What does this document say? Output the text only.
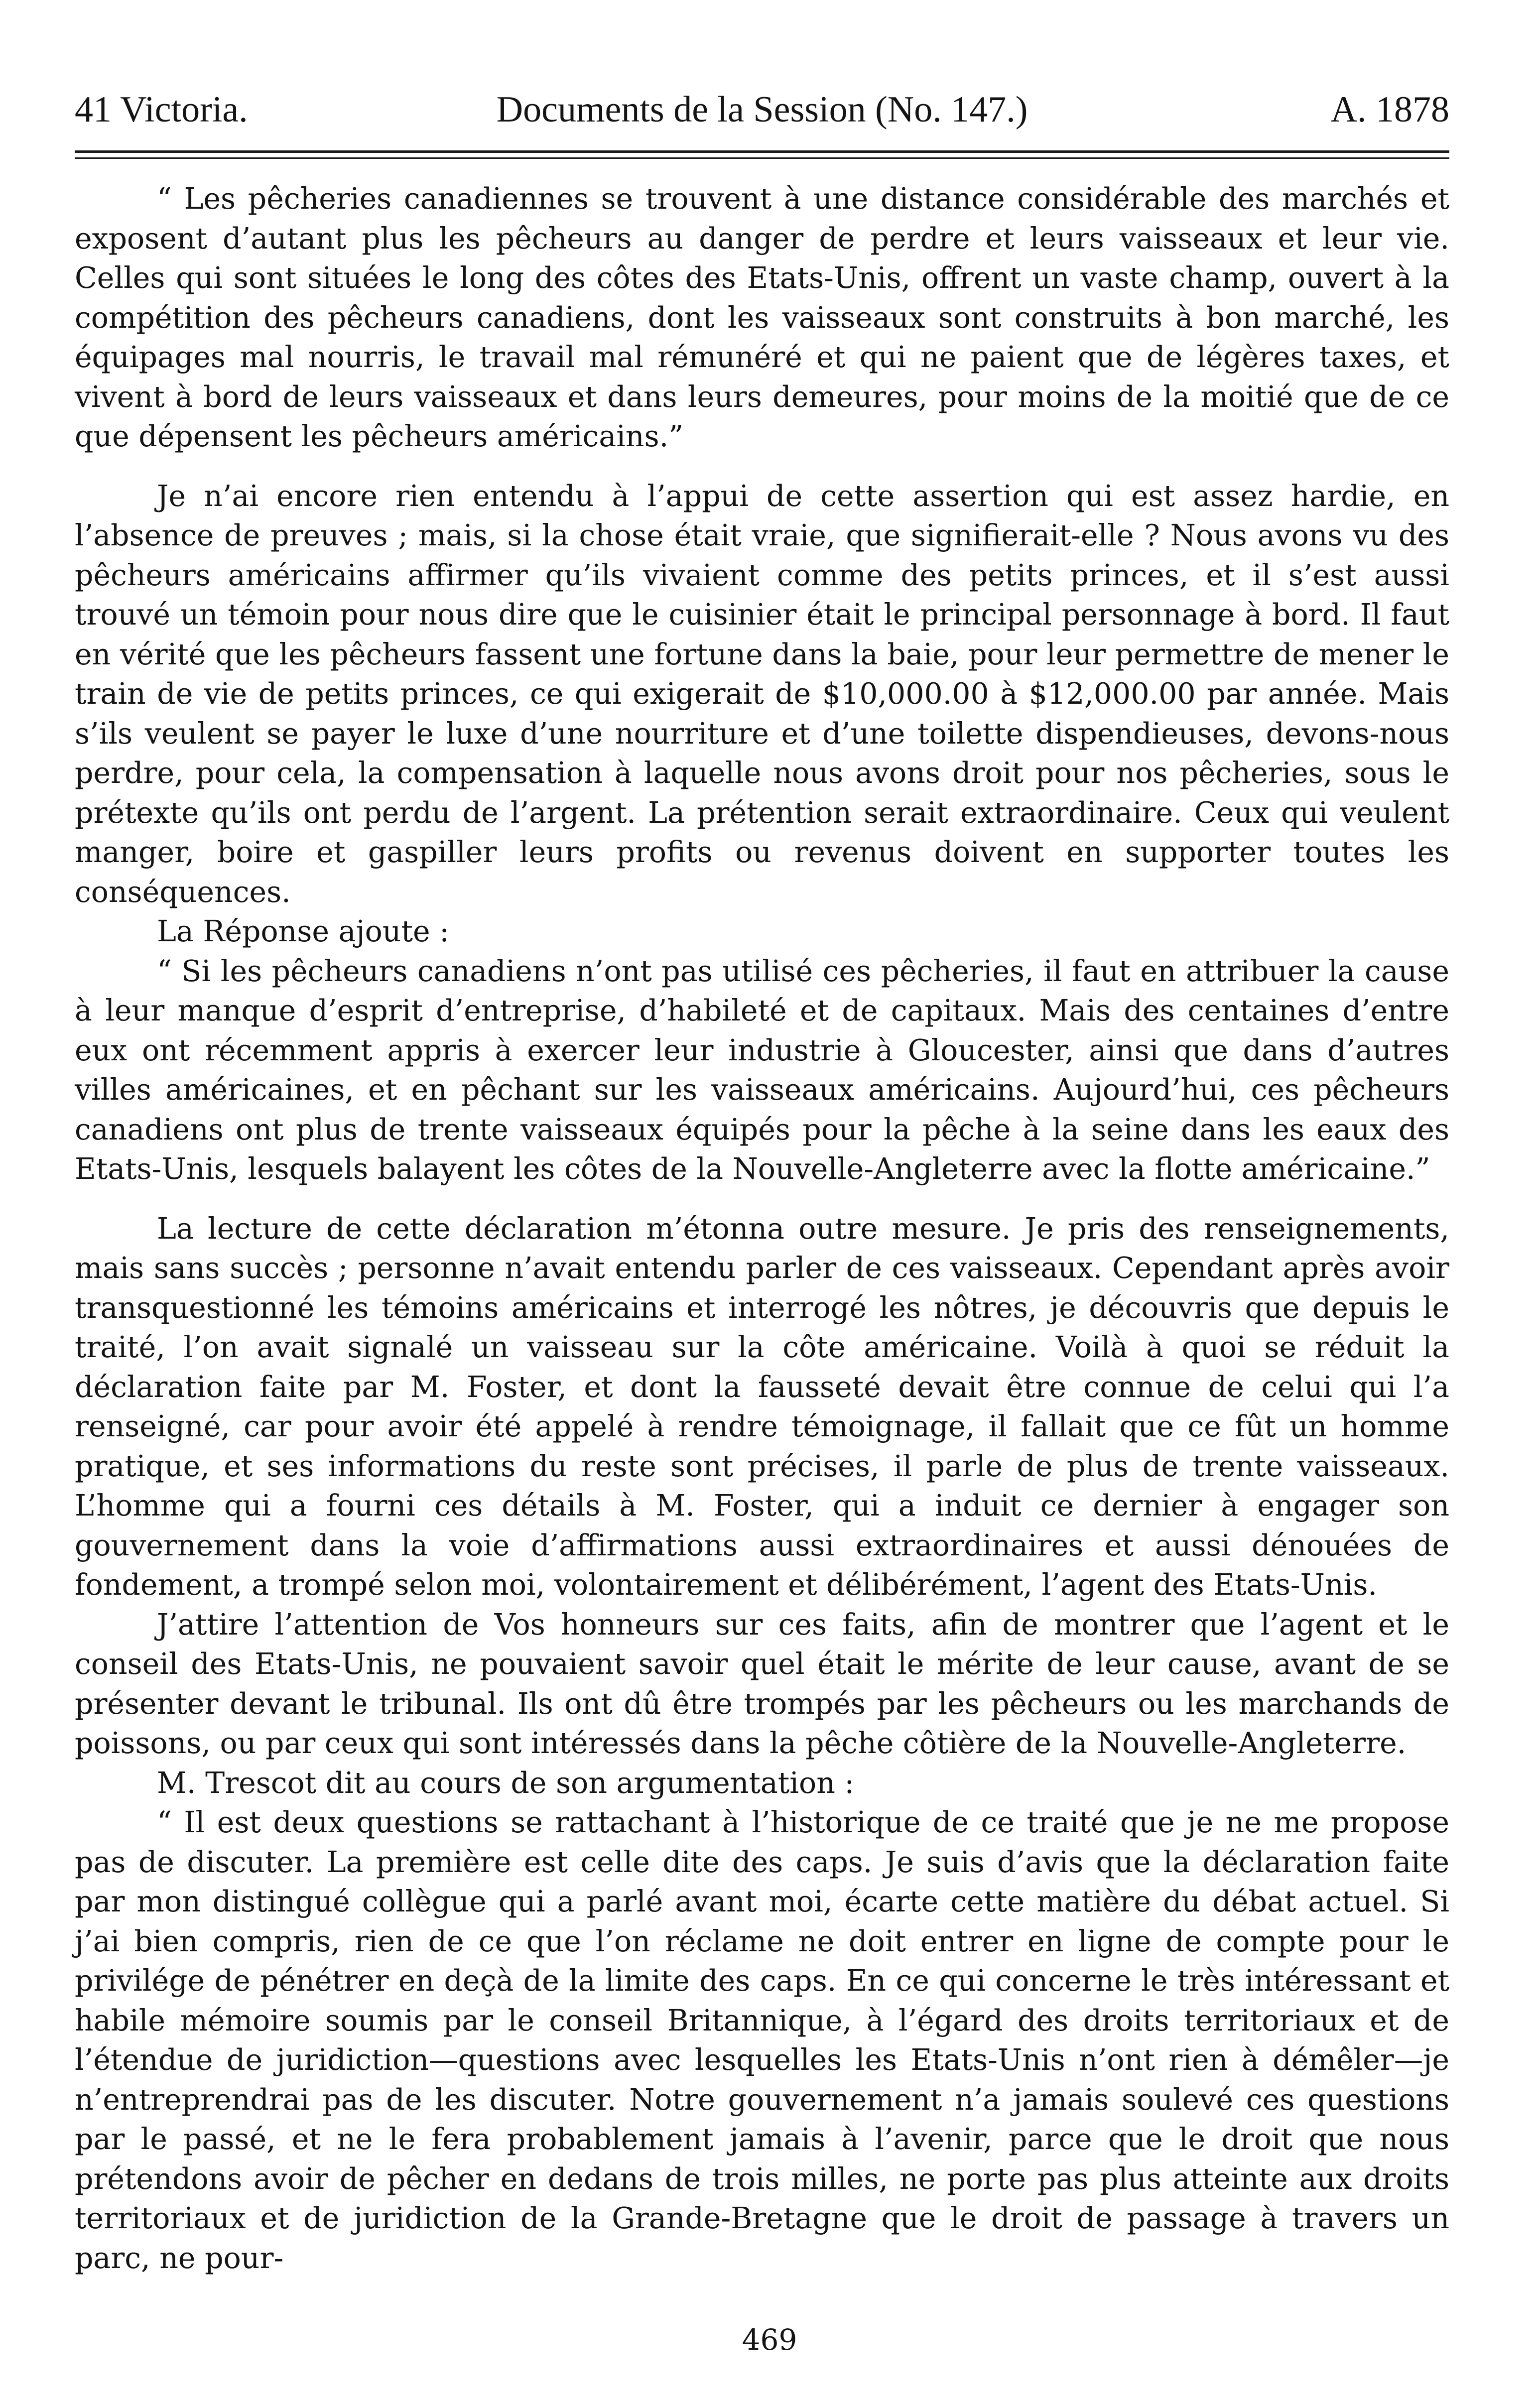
41 Victoria.	Documents de la Session (No. 147.)	A. 1878

“ Les pêcheries canadiennes se trouvent à une distance considérable des marchés et exposent d’autant plus les pêcheurs au danger de perdre et leurs vaisseaux et leur vie. Celles qui sont situées le long des côtes des Etats-Unis, offrent un vaste champ, ouvert à la compétition des pêcheurs canadiens, dont les vaisseaux sont construits à bon marché, les équipages mal nourris, le travail mal rémunéré et qui ne paient que de légères taxes, et vivent à bord de leurs vaisseaux et dans leurs demeures, pour moins de la moitié que de ce que dépensent les pêcheurs américains.”

Je n’ai encore rien entendu à l’appui de cette assertion qui est assez hardie, en l’absence de preuves ; mais, si la chose était vraie, que signifierait-elle ? Nous avons vu des pêcheurs américains affirmer qu’ils vivaient comme des petits princes, et il s’est aussi trouvé un témoin pour nous dire que le cuisinier était le principal personnage à bord. Il faut en vérité que les pêcheurs fassent une fortune dans la baie, pour leur permettre de mener le train de vie de petits princes, ce qui exigerait de $10,000.00 à $12,000.00 par année. Mais s’ils veulent se payer le luxe d’une nourriture et d’une toilette dispendieuses, devons-nous perdre, pour cela, la compensation à laquelle nous avons droit pour nos pêcheries, sous le prétexte qu’ils ont perdu de l’argent. La prétention serait extraordinaire. Ceux qui veulent manger, boire et gaspiller leurs profits ou revenus doivent en supporter toutes les conséquences.

La Réponse ajoute :

“ Si les pêcheurs canadiens n’ont pas utilisé ces pêcheries, il faut en attribuer la cause à leur manque d’esprit d’entreprise, d’habileté et de capitaux. Mais des centaines d’entre eux ont récemment appris à exercer leur industrie à Gloucester, ainsi que dans d’autres villes américaines, et en pêchant sur les vaisseaux américains. Aujourd’hui, ces pêcheurs canadiens ont plus de trente vaisseaux équipés pour la pêche à la seine dans les eaux des Etats-Unis, lesquels balayent les côtes de la Nouvelle-Angleterre avec la flotte américaine.”

La lecture de cette déclaration m’étonna outre mesure. Je pris des renseignements, mais sans succès ; personne n’avait entendu parler de ces vaisseaux. Cependant après avoir transquestionné les témoins américains et interrogé les nôtres, je découvris que depuis le traité, l’on avait signalé un vaisseau sur la côte américaine. Voilà à quoi se réduit la déclaration faite par M. Foster, et dont la fausseté devait être connue de celui qui l’a renseigné, car pour avoir été appelé à rendre témoignage, il fallait que ce fût un homme pratique, et ses informations du reste sont précises, il parle de plus de trente vaisseaux. L’homme qui a fourni ces détails à M. Foster, qui a induit ce dernier à engager son gouvernement dans la voie d’affirmations aussi extraordinaires et aussi dénouées de fondement, a trompé selon moi, volontairement et délibérément, l’agent des Etats-Unis.

J’attire l’attention de Vos honneurs sur ces faits, afin de montrer que l’agent et le conseil des Etats-Unis, ne pouvaient savoir quel était le mérite de leur cause, avant de se présenter devant le tribunal. Ils ont dû être trompés par les pêcheurs ou les marchands de poissons, ou par ceux qui sont intéressés dans la pêche côtière de la Nouvelle-Angleterre.

M. Trescot dit au cours de son argumentation :

“ Il est deux questions se rattachant à l’historique de ce traité que je ne me propose pas de discuter. La première est celle dite des caps. Je suis d’avis que la déclaration faite par mon distingué collègue qui a parlé avant moi, écarte cette matière du débat actuel. Si j’ai bien compris, rien de ce que l’on réclame ne doit entrer en ligne de compte pour le privilége de pénétrer en deçà de la limite des caps. En ce qui concerne le très intéressant et habile mémoire soumis par le conseil Britannique, à l’égard des droits territoriaux et de l’étendue de juridiction—questions avec lesquelles les Etats-Unis n’ont rien à démêler—je n’entreprendrai pas de les discuter. Notre gouvernement n’a jamais soulevé ces questions par le passé, et ne le fera probablement jamais à l’avenir, parce que le droit que nous prétendons avoir de pêcher en dedans de trois milles, ne porte pas plus atteinte aux droits territoriaux et de juridiction de la Grande-Bretagne que le droit de passage à travers un parc, ne pour-

469
